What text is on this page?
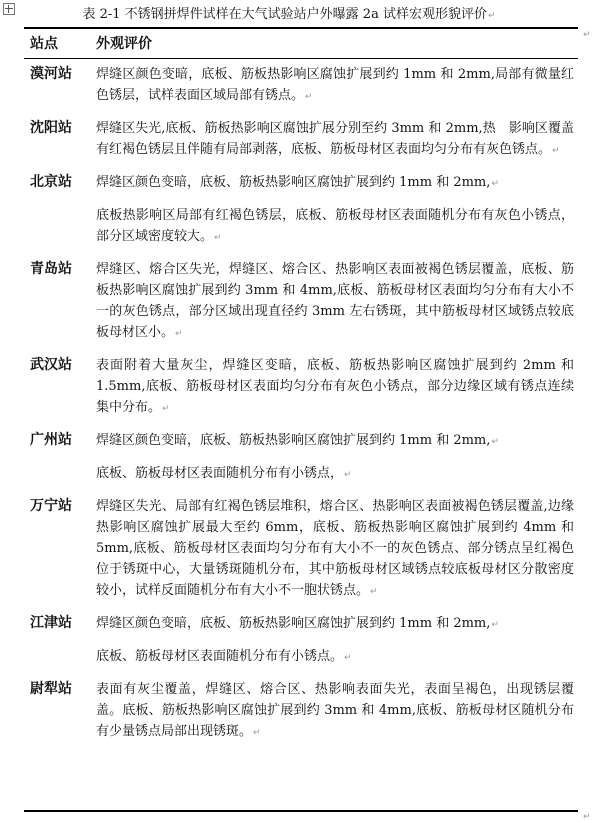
表 2-1 不锈钢拼焊件试样在大气试验站户外曝露 2a 试样宏观形貌评价↵
↵
站点	外观评价
漠河站	焊缝区颜色变暗，底板、筋板热影响区腐蚀扩展到约 1mm 和 2mm,局部有微量红色锈层，试样表面区域局部有锈点。↵

沈阳站	焊缝区失光,底板、筋板热影响区腐蚀扩展分别至约 3mm 和 2mm,热　影响区覆盖有红褐色锈层且伴随有局部剥落，底板、筋板母材区表面均匀分布有灰色锈点。↵

北京站	焊缝区颜色变暗，底板、筋板热影响区腐蚀扩展到约 1mm 和 2mm,↵

底板热影响区局部有红褐色锈层，底板、筋板母材区表面随机分布有灰色小锈点，部分区域密度较大。↵

青岛站	焊缝区、熔合区失光，焊缝区、熔合区、热影响区表面被褐色锈层覆盖，底板、筋板热影响区腐蚀扩展到约 3mm 和 4mm,底板、筋板母材区表面均匀分布有大小不一的灰色锈点，部分区域出现直径约 3mm 左右锈斑，其中筋板母材区域锈点较底板母材区小。↵

武汉站	表面附着大量灰尘，焊缝区变暗，底板、筋板热影响区腐蚀扩展到约 2mm 和 1.5mm,底板、筋板母材区表面均匀分布有灰色小锈点，部分边缘区域有锈点连续集中分布。↵

广州站	焊缝区颜色变暗，底板、筋板热影响区腐蚀扩展到约 1mm 和 2mm,↵

底板、筋板母材区表面随机分布有小锈点，↵

万宁站	焊缝区失光、局部有红褐色锈层堆积，熔合区、热影响区表面被褐色锈层覆盖,边缘热影响区腐蚀扩展最大至约 6mm，底板、筋板热影响区腐蚀扩展到约 4mm 和 5mm,底板、筋板母材区表面均匀分布有大小不一的灰色锈点、部分锈点呈红褐色位于锈斑中心，大量锈斑随机分布，其中筋板母材区域锈点较底板母材区分散密度较小，试样反面随机分布有大小不一胞状锈点。↵

江津站	焊缝区颜色变暗，底板、筋板热影响区腐蚀扩展到约 1mm 和 2mm,↵

底板、筋板母材区表面随机分布有小锈点。↵

尉犁站	表面有灰尘覆盖，焊缝区、熔合区、热影响表面失光，表面呈褐色，出现锈层覆盖。底板、筋板热影响区腐蚀扩展到约 3mm 和 4mm,底板、筋板母材区随机分布有少量锈点局部出现锈斑。↵

↵
